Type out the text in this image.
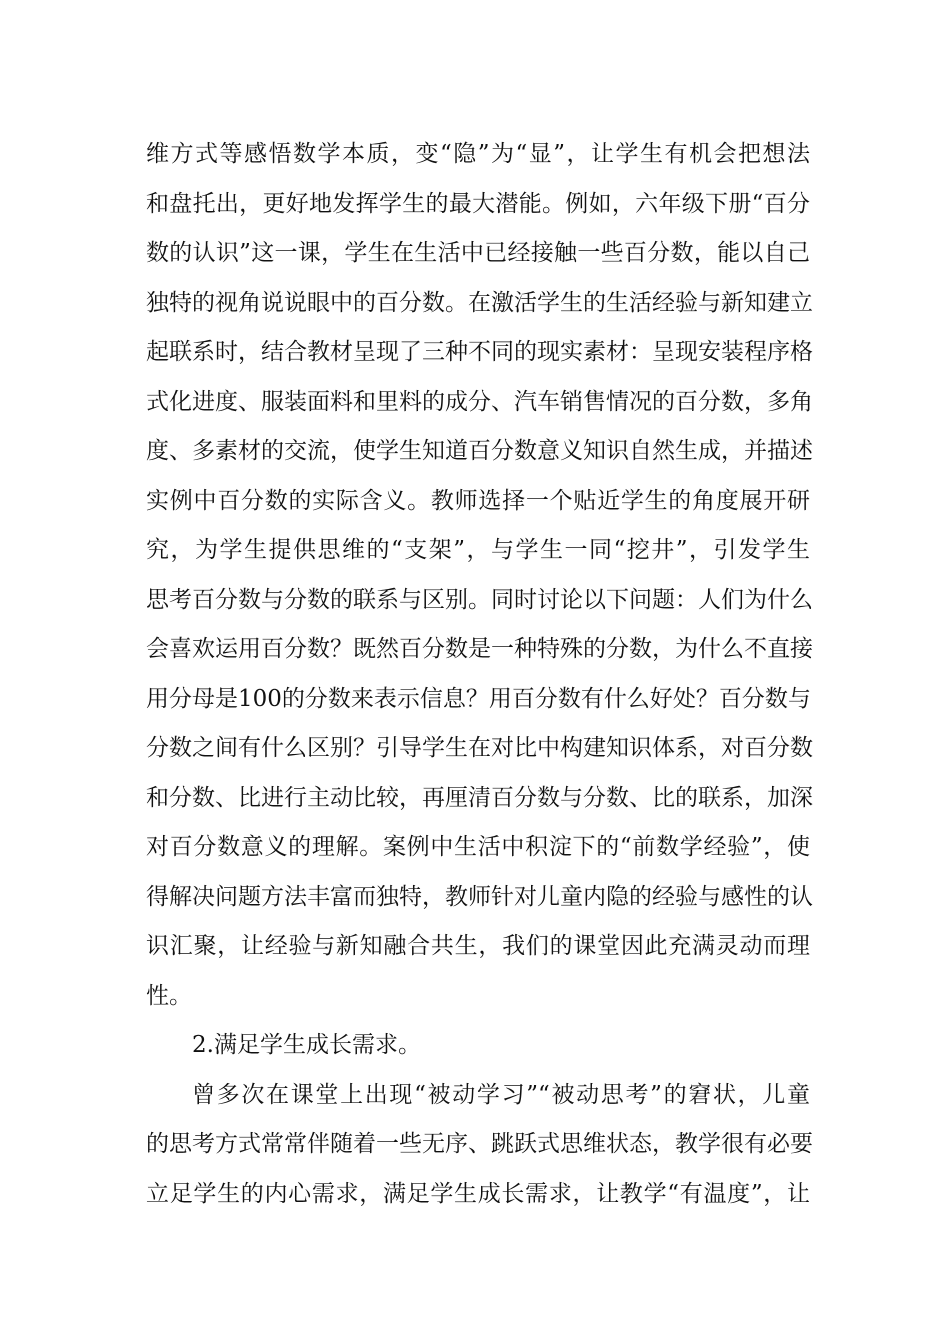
维方式等感悟数学本质，变“隐”为“显”，让学生有机会把想法
和盘托出，更好地发挥学生的最大潜能。例如，六年级下册“百分
数的认识”这一课，学生在生活中已经接触一些百分数，能以自己
独特的视角说说眼中的百分数。在激活学生的生活经验与新知建立
起联系时，结合教材呈现了三种不同的现实素材：呈现安装程序格
式化进度、服装面料和里料的成分、汽车销售情况的百分数，多角
度、多素材的交流，使学生知道百分数意义知识自然生成，并描述
实例中百分数的实际含义。教师选择一个贴近学生的角度展开研
究，为学生提供思维的“支架”，与学生一同“挖井”，引发学生
思考百分数与分数的联系与区别。同时讨论以下问题：人们为什么
会喜欢运用百分数？既然百分数是一种特殊的分数，为什么不直接
用分母是100的分数来表示信息？用百分数有什么好处？百分数与
分数之间有什么区别？引导学生在对比中构建知识体系，对百分数
和分数、比进行主动比较，再厘清百分数与分数、比的联系，加深
对百分数意义的理解。案例中生活中积淀下的“前数学经验”，使
得解决问题方法丰富而独特，教师针对儿童内隐的经验与感性的认
识汇聚，让经验与新知融合共生，我们的课堂因此充满灵动而理
性。
2.满足学生成长需求。
曾多次在课堂上出现“被动学习”“被动思考”的窘状，儿童
的思考方式常常伴随着一些无序、跳跃式思维状态，教学很有必要
立足学生的内心需求，满足学生成长需求，让教学“有温度”，让
